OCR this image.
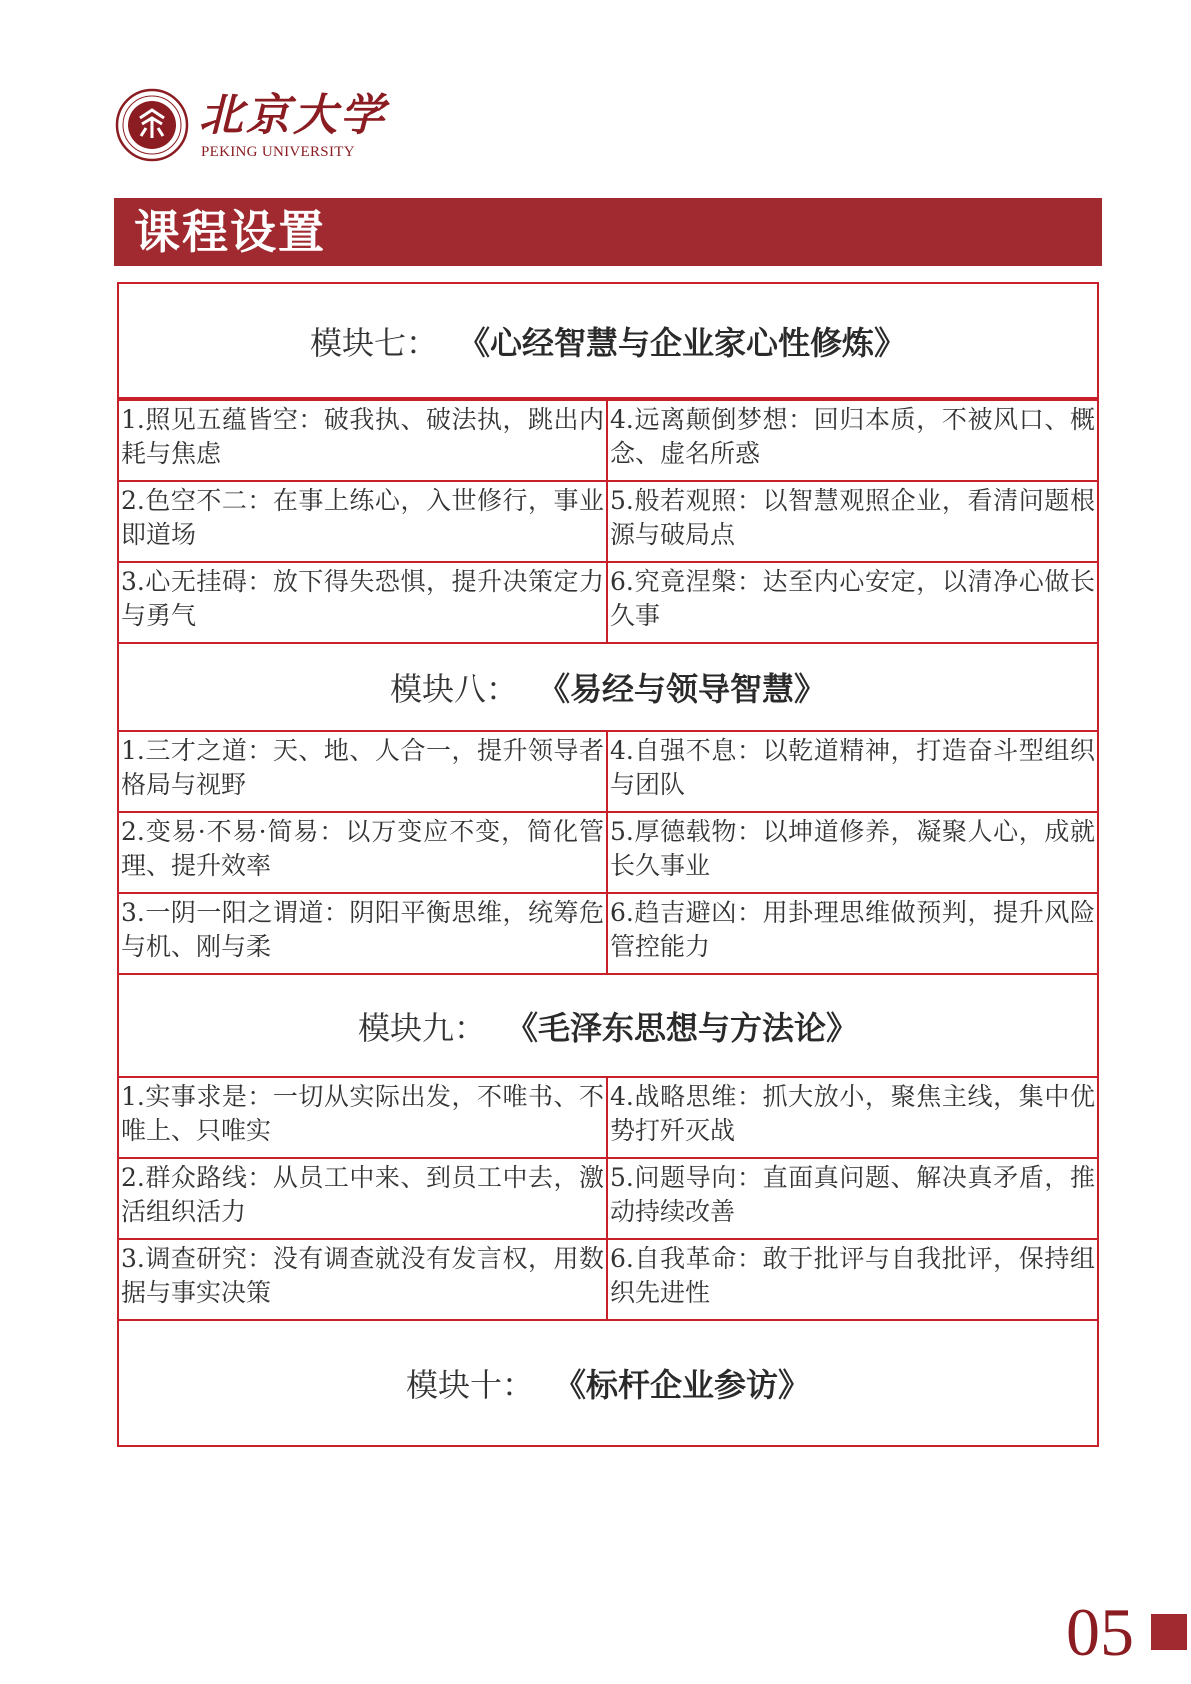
北京大学
PEKING UNIVERSITY
课程设置
模块七： 《心经智慧与企业家心性修炼》
1.照见五蕴皆空：破我执、破法执，跳出内耗与焦虑
4.远离颠倒梦想：回归本质，不被风口、概念、虚名所惑
2.色空不二：在事上练心，入世修行，事业即道场
5.般若观照：以智慧观照企业，看清问题根源与破局点
3.心无挂碍：放下得失恐惧，提升决策定力与勇气
6.究竟涅槃：达至内心安定，以清净心做长久事
模块八： 《易经与领导智慧》
1.三才之道：天、地、人合一，提升领导者格局与视野
4.自强不息：以乾道精神，打造奋斗型组织与团队
2.变易·不易·简易：以万变应不变，简化管理、提升效率
5.厚德载物：以坤道修养，凝聚人心，成就长久事业
3.一阴一阳之谓道：阴阳平衡思维，统筹危与机、刚与柔
6.趋吉避凶：用卦理思维做预判，提升风险管控能力
模块九： 《毛泽东思想与方法论》
1.实事求是：一切从实际出发，不唯书、不唯上、只唯实
4.战略思维：抓大放小，聚焦主线，集中优势打歼灭战
2.群众路线：从员工中来、到员工中去，激活组织活力
5.问题导向：直面真问题、解决真矛盾，推动持续改善
3.调查研究：没有调查就没有发言权，用数据与事实决策
6.自我革命：敢于批评与自我批评，保持组织先进性
模块十： 《标杆企业参访》
05
